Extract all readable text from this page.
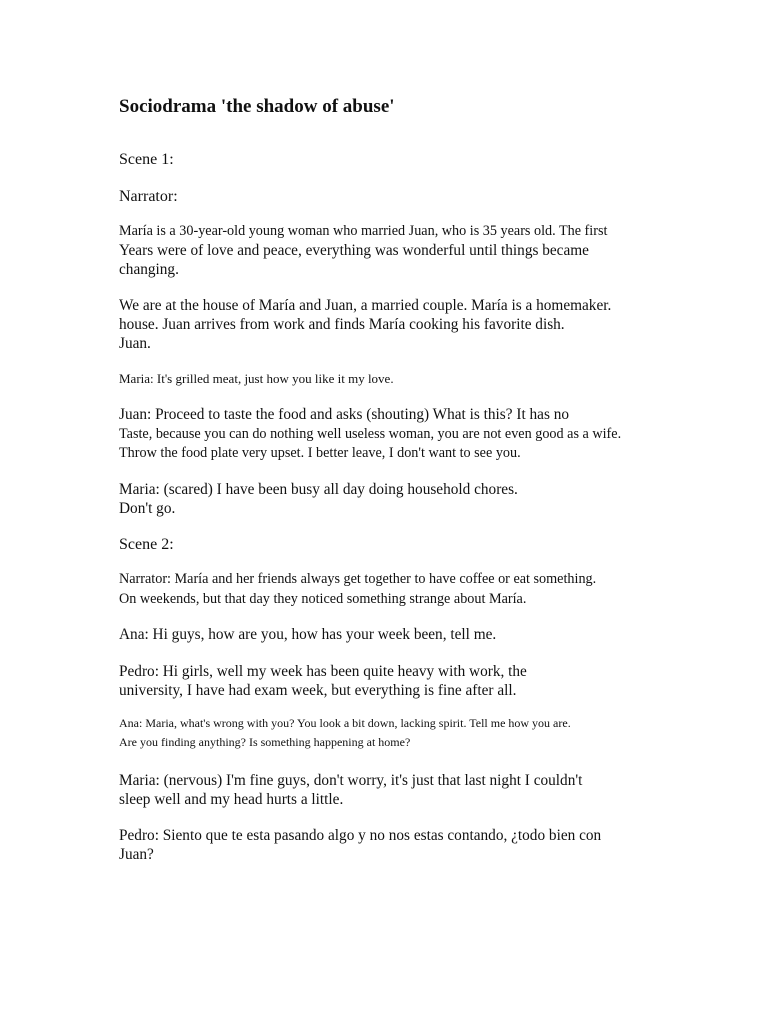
Sociodrama 'the shadow of abuse'

Scene 1:

Narrator:

María is a 30-year-old young woman who married Juan, who is 35 years old. The first

Years were of love and peace, everything was wonderful until things became

changing.

We are at the house of María and Juan, a married couple. María is a homemaker.

house. Juan arrives from work and finds María cooking his favorite dish.

Juan.

Maria: It's grilled meat, just how you like it my love.

Juan: Proceed to taste the food and asks (shouting) What is this? It has no

Taste, because you can do nothing well useless woman, you are not even good as a wife.

Throw the food plate very upset. I better leave, I don't want to see you.

Maria: (scared) I have been busy all day doing household chores.

Don't go.

Scene 2:

Narrator: María and her friends always get together to have coffee or eat something.

On weekends, but that day they noticed something strange about María.

Ana: Hi guys, how are you, how has your week been, tell me.

Pedro: Hi girls, well my week has been quite heavy with work, the

university, I have had exam week, but everything is fine after all.

Ana: Maria, what's wrong with you? You look a bit down, lacking spirit. Tell me how you are.

Are you finding anything? Is something happening at home?

Maria: (nervous) I'm fine guys, don't worry, it's just that last night I couldn't

sleep well and my head hurts a little.

Pedro: Siento que te esta pasando algo y no nos estas contando, ¿todo bien con

Juan?
